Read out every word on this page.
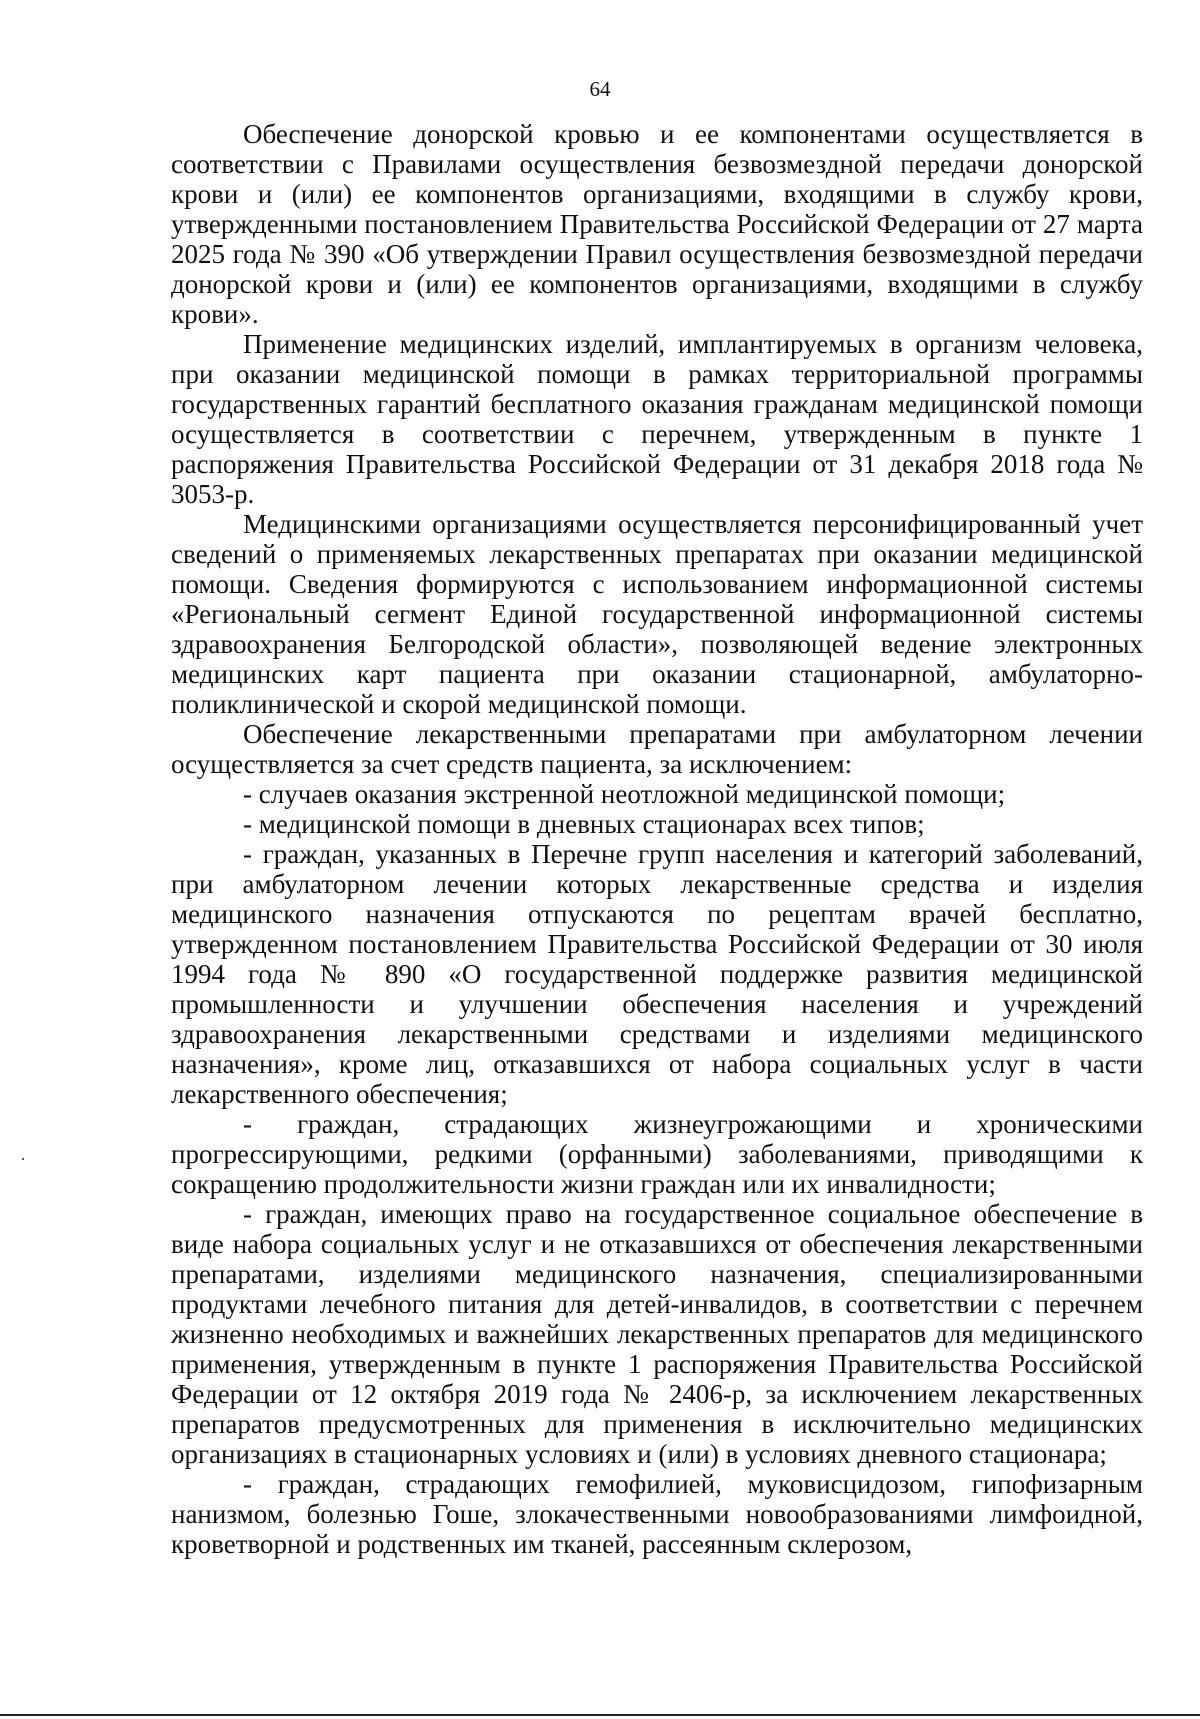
64

Обеспечение донорской кровью и ее компонентами осуществляется в соответствии с Правилами осуществления безвозмездной передачи донорской крови и (или) ее компонентов организациями, входящими в службу крови, утвержденными постановлением Правительства Российской Федерации от 27 марта 2025 года № 390 «Об утверждении Правил осуществления безвозмездной передачи донорской крови и (или) ее компонентов организациями, входящими в службу крови».

Применение медицинских изделий, имплантируемых в организм человека, при оказании медицинской помощи в рамках территориальной программы государственных гарантий бесплатного оказания гражданам медицинской помощи осуществляется в соответствии с перечнем, утвержденным в пункте 1 распоряжения Правительства Российской Федерации от 31 декабря 2018 года № 3053-р.

Медицинскими организациями осуществляется персонифицированный учет сведений о применяемых лекарственных препаратах при оказании медицинской помощи. Сведения формируются с использованием информационной системы «Региональный сегмент Единой государственной информационной системы здравоохранения Белгородской области», позволяющей ведение электронных медицинских карт пациента при оказании стационарной, амбулаторно-поликлинической и скорой медицинской помощи.

Обеспечение лекарственными препаратами при амбулаторном лечении осуществляется за счет средств пациента, за исключением:

- случаев оказания экстренной неотложной медицинской помощи;

- медицинской помощи в дневных стационарах всех типов;

- граждан, указанных в Перечне групп населения и категорий заболеваний, при амбулаторном лечении которых лекарственные средства и изделия медицинского назначения отпускаются по рецептам врачей бесплатно, утвержденном постановлением Правительства Российской Федерации от 30 июля 1994 года № 890 «О государственной поддержке развития медицинской промышленности и улучшении обеспечения населения и учреждений здравоохранения лекарственными средствами и изделиями медицинского назначения», кроме лиц, отказавшихся от набора социальных услуг в части лекарственного обеспечения;

- граждан, страдающих жизнеугрожающими и хроническими прогрессирующими, редкими (орфанными) заболеваниями, приводящими к сокращению продолжительности жизни граждан или их инвалидности;

- граждан, имеющих право на государственное социальное обеспечение в виде набора социальных услуг и не отказавшихся от обеспечения лекарственными препаратами, изделиями медицинского назначения, специализированными продуктами лечебного питания для детей-инвалидов, в соответствии с перечнем жизненно необходимых и важнейших лекарственных препаратов для медицинского применения, утвержденным в пункте 1 распоряжения Правительства Российской Федерации от 12 октября 2019 года № 2406-р, за исключением лекарственных препаратов предусмотренных для применения в исключительно медицинских организациях в стационарных условиях и (или) в условиях дневного стационара;

- граждан, страдающих гемофилией, муковисцидозом, гипофизарным нанизмом, болезнью Гоше, злокачественными новообразованиями лимфоидной, кроветворной и родственных им тканей, рассеянным склерозом,
